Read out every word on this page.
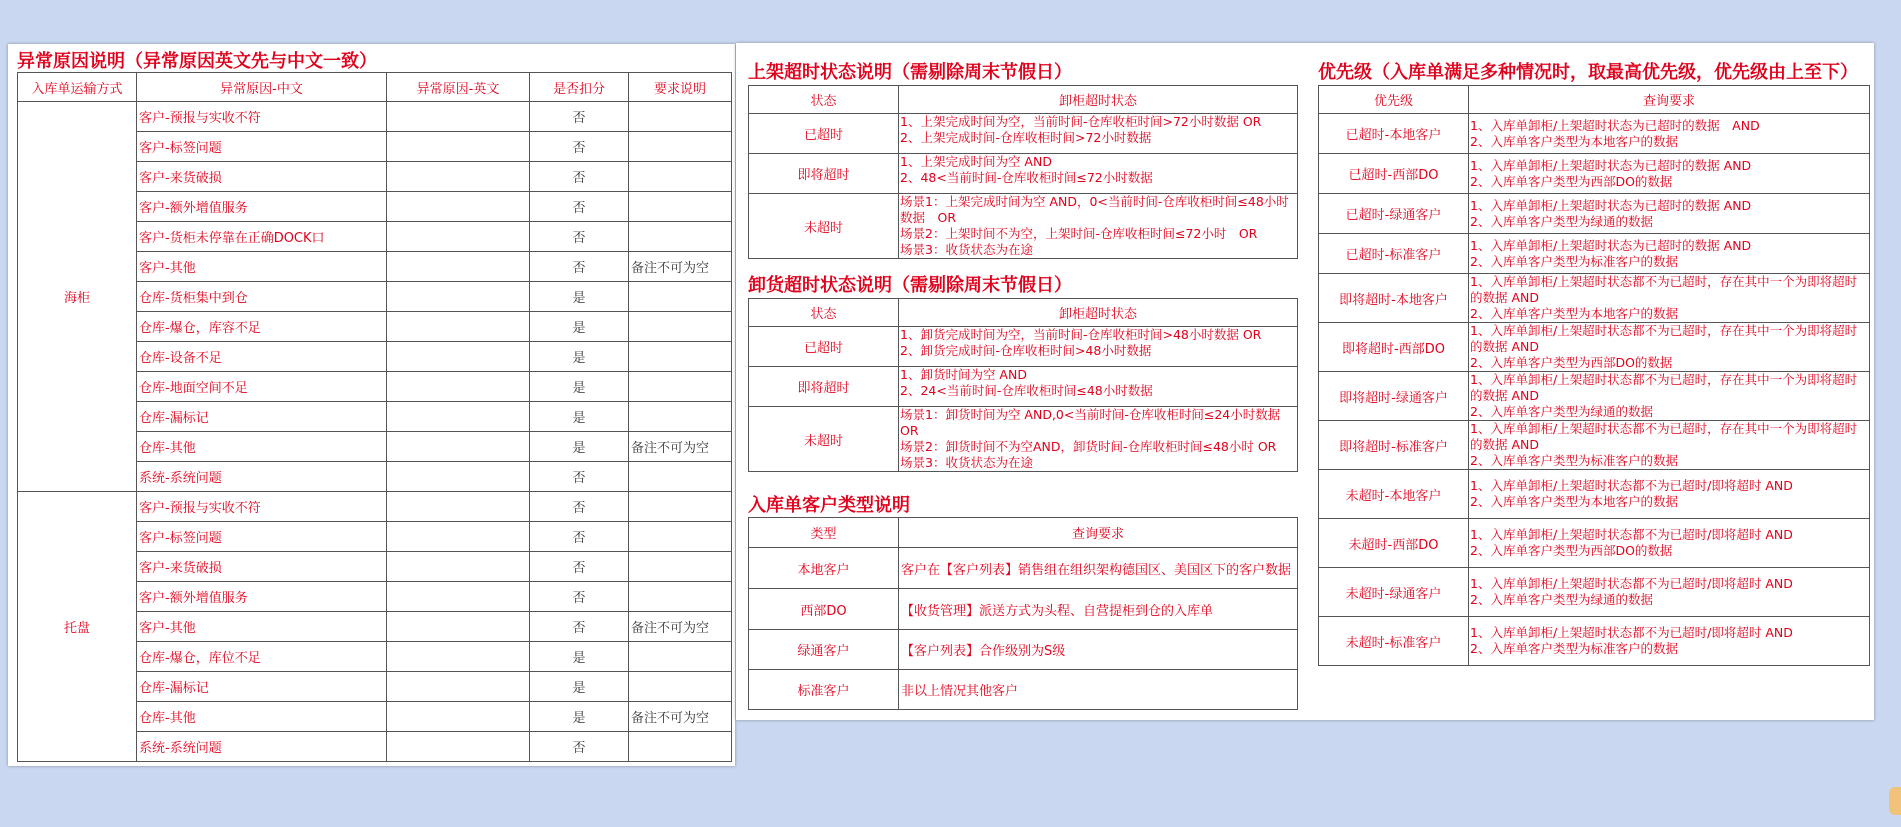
异常原因说明（异常原因英文先与中文一致）
入库单运输方式	异常原因-中文	异常原因-英文	是否扣分	要求说明
海柜	客户-预报与实收不符		否	
	客户-标签问题		否	
	客户-来货破损		否	
	客户-额外增值服务		否	
	客户-货柜未停靠在正确DOCK口		否	
	客户-其他		否	备注不可为空
	仓库-货柜集中到仓		是	
	仓库-爆仓，库容不足		是	
	仓库-设备不足		是	
	仓库-地面空间不足		是	
	仓库-漏标记		是	
	仓库-其他		是	备注不可为空
	系统-系统问题		否	
托盘	客户-预报与实收不符		否	
	客户-标签问题		否	
	客户-来货破损		否	
	客户-额外增值服务		否	
	客户-其他		否	备注不可为空
	仓库-爆仓，库位不足		是	
	仓库-漏标记		是	
	仓库-其他		是	备注不可为空
	系统-系统问题		否	
上架超时状态说明（需剔除周末节假日）
状态	卸柜超时状态
已超时	1、上架完成时间为空，当前时间-仓库收柜时间>72小时数据 OR
2、上架完成时间-仓库收柜时间>72小时数据
即将超时	1、上架完成时间为空 AND
2、48<当前时间-仓库收柜时间≤72小时数据
未超时	场景1：上架完成时间为空 AND，0<当前时间-仓库收柜时间≤48小时数据　OR
场景2：上架时间不为空，上架时间-仓库收柜时间≤72小时　OR
场景3：收货状态为在途
卸货超时状态说明（需剔除周末节假日）
状态	卸柜超时状态
已超时	1、卸货完成时间为空，当前时间-仓库收柜时间>48小时数据 OR
2、卸货完成时间-仓库收柜时间>48小时数据
即将超时	1、卸货时间为空 AND
2、24<当前时间-仓库收柜时间≤48小时数据
未超时	场景1：卸货时间为空 AND,0<当前时间-仓库收柜时间≤24小时数据 OR
场景2：卸货时间不为空AND，卸货时间-仓库收柜时间≤48小时 OR
场景3：收货状态为在途
入库单客户类型说明
类型	查询要求
本地客户	客户在【客户列表】销售组在组织架构德国区、美国区下的客户数据
西部DO	【收货管理】派送方式为头程、自营提柜到仓的入库单
绿通客户	【客户列表】合作级别为S级
标准客户	非以上情况其他客户
优先级（入库单满足多种情况时，取最高优先级，优先级由上至下）
优先级	查询要求
已超时-本地客户	1、入库单卸柜/上架超时状态为已超时的数据　AND
2、入库单客户类型为本地客户的数据
已超时-西部DO	1、入库单卸柜/上架超时状态为已超时的数据 AND
2、入库单客户类型为西部DO的数据
已超时-绿通客户	1、入库单卸柜/上架超时状态为已超时的数据 AND
2、入库单客户类型为绿通的数据
已超时-标准客户	1、入库单卸柜/上架超时状态为已超时的数据 AND
2、入库单客户类型为标准客户的数据
即将超时-本地客户	1、入库单卸柜/上架超时状态都不为已超时，存在其中一个为即将超时的数据 AND
2、入库单客户类型为本地客户的数据
即将超时-西部DO	1、入库单卸柜/上架超时状态都不为已超时，存在其中一个为即将超时的数据 AND
2、入库单客户类型为西部DO的数据
即将超时-绿通客户	1、入库单卸柜/上架超时状态都不为已超时，存在其中一个为即将超时的数据 AND
2、入库单客户类型为绿通的数据
即将超时-标准客户	1、入库单卸柜/上架超时状态都不为已超时，存在其中一个为即将超时的数据 AND
2、入库单客户类型为标准客户的数据
未超时-本地客户	1、入库单卸柜/上架超时状态都不为已超时/即将超时 AND
2、入库单客户类型为本地客户的数据
未超时-西部DO	1、入库单卸柜/上架超时状态都不为已超时/即将超时 AND
2、入库单客户类型为西部DO的数据
未超时-绿通客户	1、入库单卸柜/上架超时状态都不为已超时/即将超时 AND
2、入库单客户类型为绿通的数据
未超时-标准客户	1、入库单卸柜/上架超时状态都不为已超时/即将超时 AND
2、入库单客户类型为标准客户的数据
